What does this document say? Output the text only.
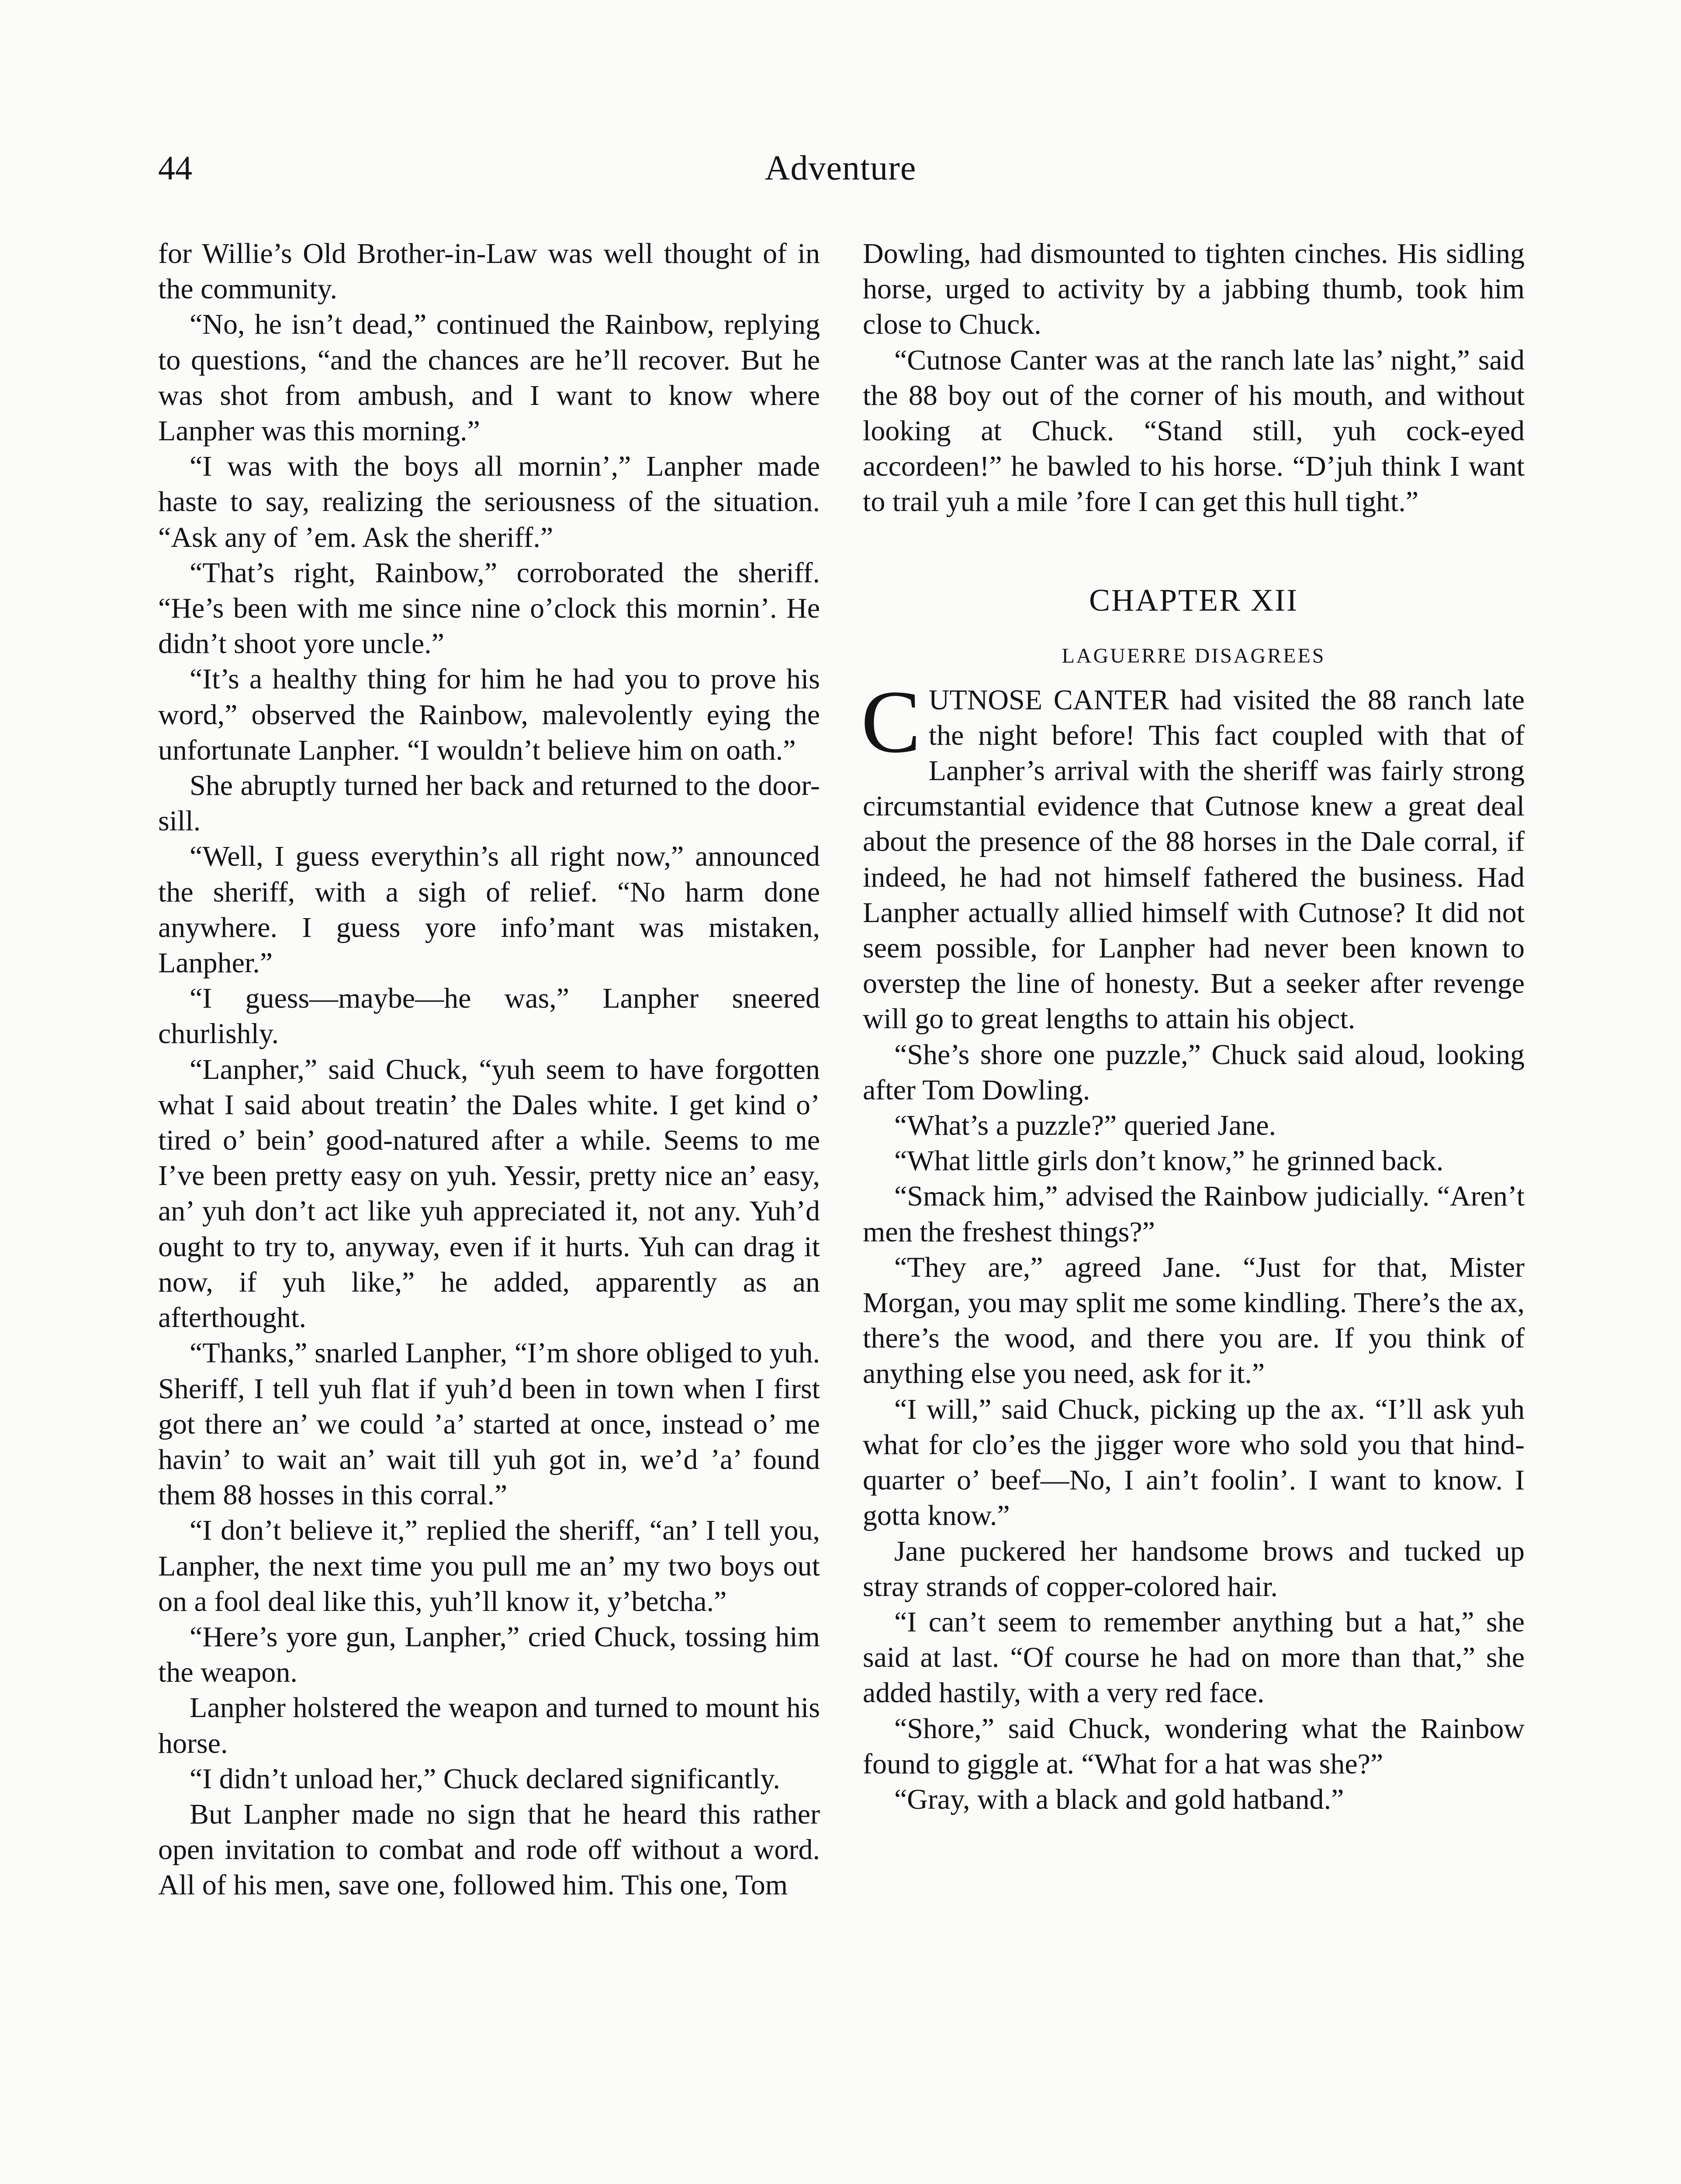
44	Adventure

for Willie’s Old Brother-in-Law was well thought of in the community.

“No, he isn’t dead,” continued the Rainbow, replying to questions, “and the chances are he’ll recover. But he was shot from ambush, and I want to know where Lanpher was this morning.”

“I was with the boys all mornin’,” Lanpher made haste to say, realizing the seriousness of the situation. “Ask any of ’em. Ask the sheriff.”

“That’s right, Rainbow,” corroborated the sheriff. “He’s been with me since nine o’clock this mornin’. He didn’t shoot yore uncle.”

“It’s a healthy thing for him he had you to prove his word,” observed the Rainbow, malevolently eying the unfortunate Lanpher. “I wouldn’t believe him on oath.”

She abruptly turned her back and returned to the door-sill.

“Well, I guess everythin’s all right now,” announced the sheriff, with a sigh of relief. “No harm done anywhere. I guess yore info’mant was mistaken, Lanpher.”

“I guess—maybe—he was,” Lanpher sneered churlishly.

“Lanpher,” said Chuck, “yuh seem to have forgotten what I said about treatin’ the Dales white. I get kind o’ tired o’ bein’ good-natured after a while. Seems to me I’ve been pretty easy on yuh. Yessir, pretty nice an’ easy, an’ yuh don’t act like yuh appreciated it, not any. Yuh’d ought to try to, anyway, even if it hurts. Yuh can drag it now, if yuh like,” he added, apparently as an afterthought.

“Thanks,” snarled Lanpher, “I’m shore obliged to yuh. Sheriff, I tell yuh flat if yuh’d been in town when I first got there an’ we could ’a’ started at once, instead o’ me havin’ to wait an’ wait till yuh got in, we’d ’a’ found them 88 hosses in this corral.”

“I don’t believe it,” replied the sheriff, “an’ I tell you, Lanpher, the next time you pull me an’ my two boys out on a fool deal like this, yuh’ll know it, y’betcha.”

“Here’s yore gun, Lanpher,” cried Chuck, tossing him the weapon.

Lanpher holstered the weapon and turned to mount his horse.

“I didn’t unload her,” Chuck declared significantly.

But Lanpher made no sign that he heard this rather open invitation to combat and rode off without a word. All of his men, save one, followed him. This one, Tom

Dowling, had dismounted to tighten cinches. His sidling horse, urged to activity by a jabbing thumb, took him close to Chuck.

“Cutnose Canter was at the ranch late las’ night,” said the 88 boy out of the corner of his mouth, and without looking at Chuck. “Stand still, yuh cock-eyed accordeen!” he bawled to his horse. “D’juh think I want to trail yuh a mile ’fore I can get this hull tight.”

CHAPTER XII
LAGUERRE DISAGREES

CUTNOSE CANTER had visited the 88 ranch late the night before! This fact coupled with that of Lanpher’s arrival with the sheriff was fairly strong circumstantial evidence that Cutnose knew a great deal about the presence of the 88 horses in the Dale corral, if indeed, he had not himself fathered the business. Had Lanpher actually allied himself with Cutnose? It did not seem possible, for Lanpher had never been known to overstep the line of honesty. But a seeker after revenge will go to great lengths to attain his object.

“She’s shore one puzzle,” Chuck said aloud, looking after Tom Dowling.

“What’s a puzzle?” queried Jane.

“What little girls don’t know,” he grinned back.

“Smack him,” advised the Rainbow judicially. “Aren’t men the freshest things?”

“They are,” agreed Jane. “Just for that, Mister Morgan, you may split me some kindling. There’s the ax, there’s the wood, and there you are. If you think of anything else you need, ask for it.”

“I will,” said Chuck, picking up the ax. “I’ll ask yuh what for clo’es the jigger wore who sold you that hind-quarter o’ beef—No, I ain’t foolin’. I want to know. I gotta know.”

Jane puckered her handsome brows and tucked up stray strands of copper-colored hair.

“I can’t seem to remember anything but a hat,” she said at last. “Of course he had on more than that,” she added hastily, with a very red face.

“Shore,” said Chuck, wondering what the Rainbow found to giggle at. “What for a hat was she?”

“Gray, with a black and gold hatband.”
